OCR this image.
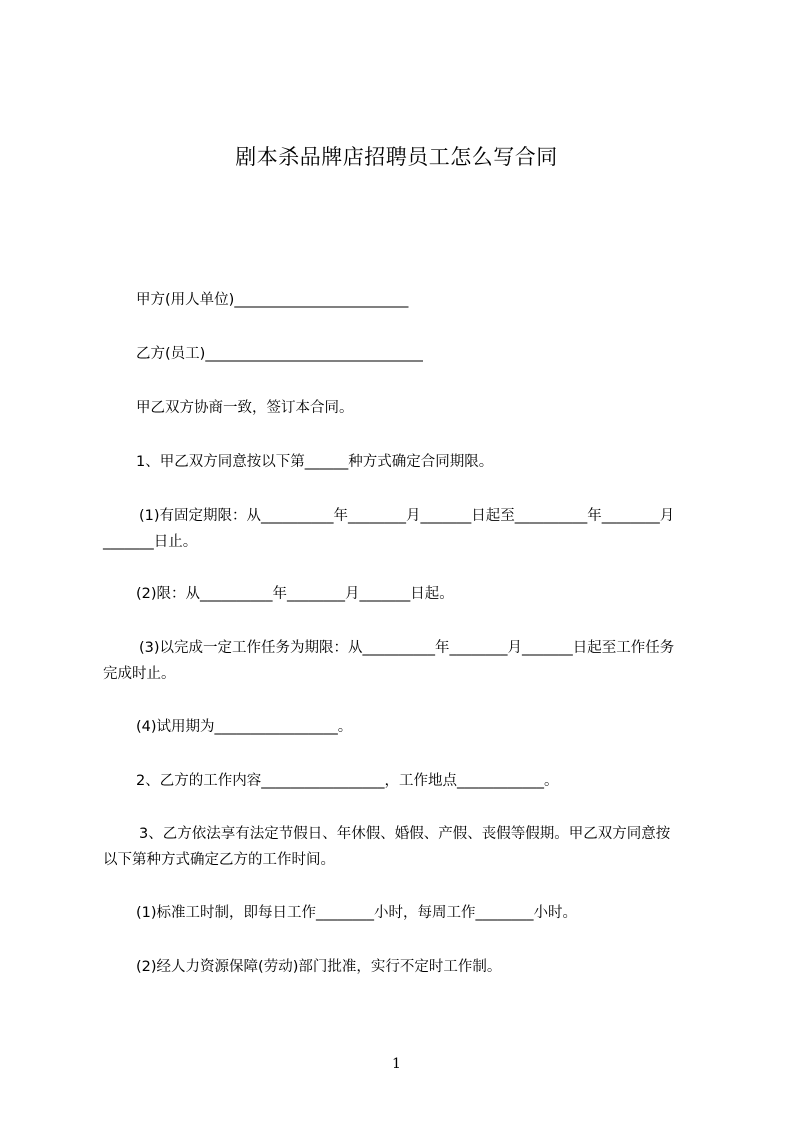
剧本杀品牌店招聘员工怎么写合同
甲方(用人单位)________________________
乙方(员工)______________________________
甲乙双方协商一致，签订本合同。
1、甲乙双方同意按以下第______种方式确定合同期限。
(1)有固定期限：从__________年________月_______日起至__________年________月_______日止。
(2)限：从__________年________月_______日起。
(3)以完成一定工作任务为期限：从__________年________月_______日起至工作任务完成时止。
(4)试用期为_________________。
2、乙方的工作内容_________________，工作地点____________。
3、乙方依法享有法定节假日、年休假、婚假、产假、丧假等假期。甲乙双方同意按以下第种方式确定乙方的工作时间。
(1)标准工时制，即每日工作________小时，每周工作________小时。
(2)经人力资源保障(劳动)部门批准，实行不定时工作制。
1
